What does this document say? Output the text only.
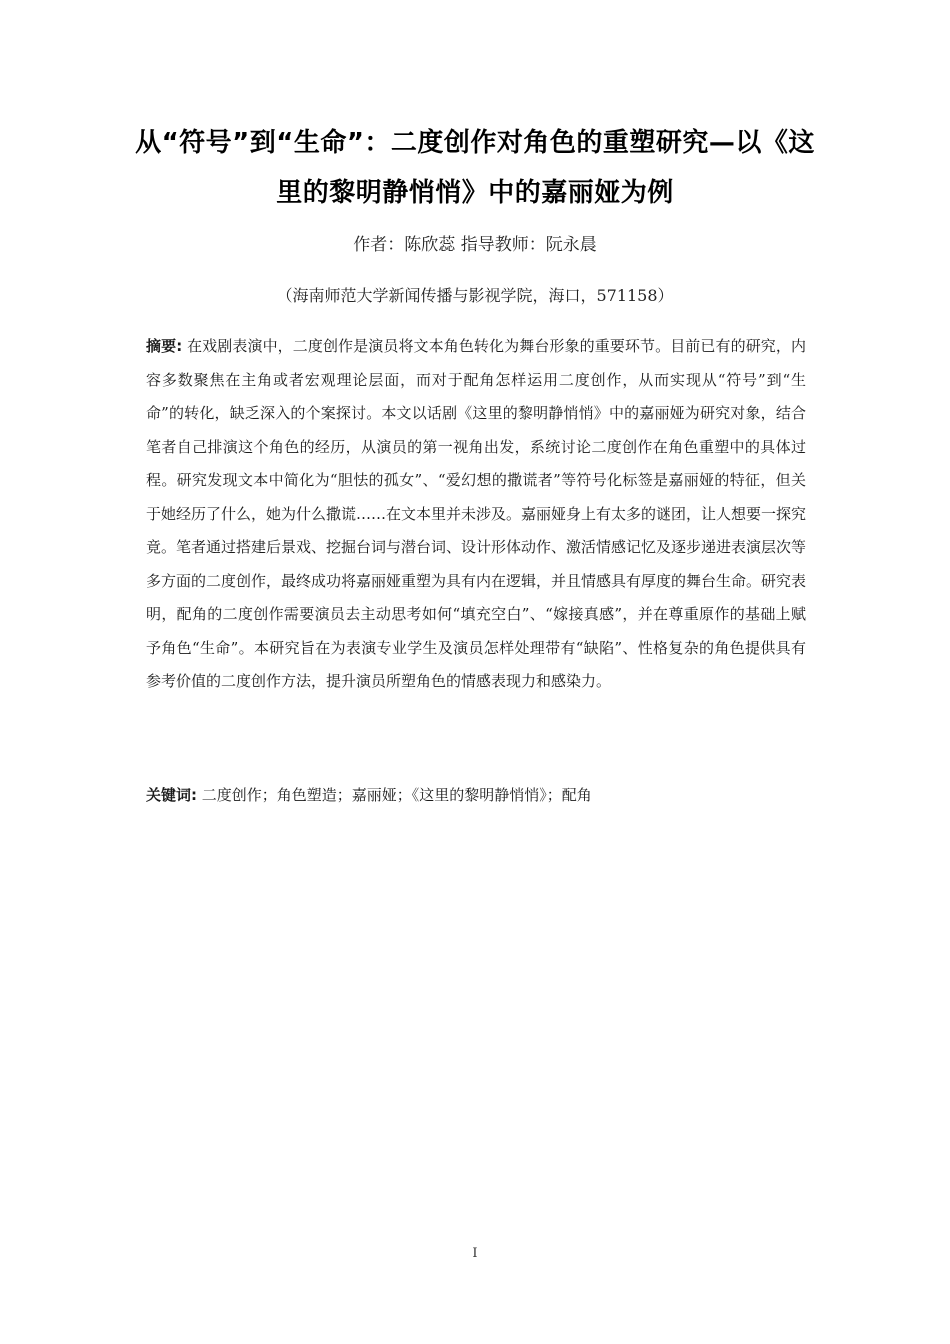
从“符号”到“生命”：二度创作对角色的重塑研究—以《这
里的黎明静悄悄》中的嘉丽娅为例
作者：陈欣蕊 指导教师：阮永晨
（海南师范大学新闻传播与影视学院，海口，571158）
摘要: 在戏剧表演中，二度创作是演员将文本角色转化为舞台形象的重要环节。目前已有的研究，内容多数聚焦在主角或者宏观理论层面，而对于配角怎样运用二度创作，从而实现从“符号”到“生命”的转化，缺乏深入的个案探讨。本文以话剧《这里的黎明静悄悄》中的嘉丽娅为研究对象，结合笔者自己排演这个角色的经历，从演员的第一视角出发，系统讨论二度创作在角色重塑中的具体过程。研究发现文本中简化为“胆怯的孤女”、“爱幻想的撒谎者”等符号化标签是嘉丽娅的特征，但关于她经历了什么，她为什么撒谎……在文本里并未涉及。嘉丽娅身上有太多的谜团，让人想要一探究竟。笔者通过搭建后景戏、挖掘台词与潜台词、设计形体动作、激活情感记忆及逐步递进表演层次等多方面的二度创作，最终成功将嘉丽娅重塑为具有内在逻辑，并且情感具有厚度的舞台生命。研究表明，配角的二度创作需要演员去主动思考如何“填充空白”、“嫁接真感”，并在尊重原作的基础上赋予角色“生命”。本研究旨在为表演专业学生及演员怎样处理带有“缺陷”、性格复杂的角色提供具有参考价值的二度创作方法，提升演员所塑角色的情感表现力和感染力。
关键词: 二度创作；角色塑造；嘉丽娅；《这里的黎明静悄悄》；配角
I
